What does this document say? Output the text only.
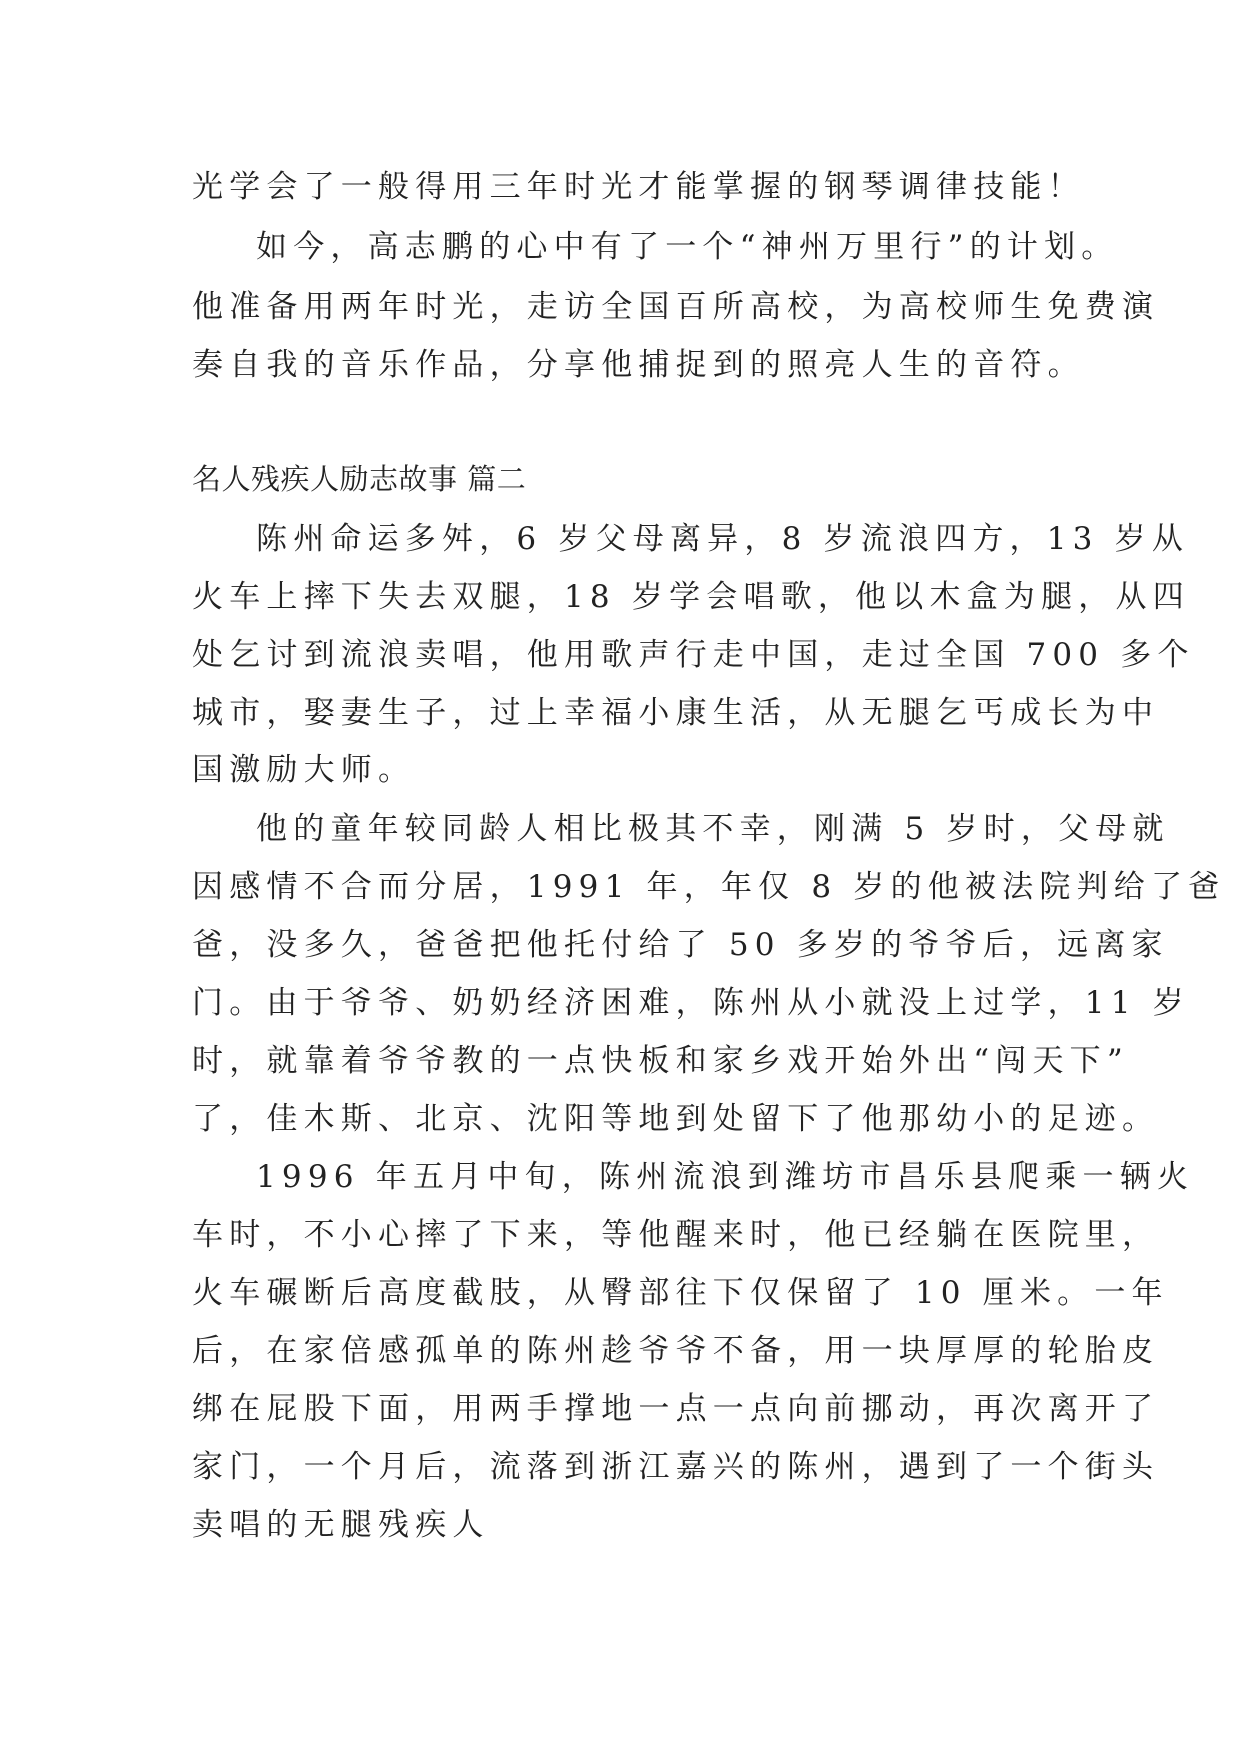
光学会了一般得用三年时光才能掌握的钢琴调律技能！

如今，高志鹏的心中有了一个“神州万里行”的计划。

他准备用两年时光，走访全国百所高校，为高校师生免费演

奏自我的音乐作品，分享他捕捉到的照亮人生的音符。

名人残疾人励志故事 篇二

陈州命运多舛，6 岁父母离异，8 岁流浪四方，13 岁从

火车上摔下失去双腿，18 岁学会唱歌，他以木盒为腿，从四

处乞讨到流浪卖唱，他用歌声行走中国，走过全国 700 多个

城市，娶妻生子，过上幸福小康生活，从无腿乞丐成长为中

国激励大师。

他的童年较同龄人相比极其不幸，刚满 5 岁时，父母就

因感情不合而分居，1991 年，年仅 8 岁的他被法院判给了爸

爸，没多久，爸爸把他托付给了 50 多岁的爷爷后，远离家

门。由于爷爷、奶奶经济困难，陈州从小就没上过学，11 岁

时，就靠着爷爷教的一点快板和家乡戏开始外出“闯天下”

了，佳木斯、北京、沈阳等地到处留下了他那幼小的足迹。

1996 年五月中旬，陈州流浪到潍坊市昌乐县爬乘一辆火

车时，不小心摔了下来，等他醒来时，他已经躺在医院里，

火车碾断后高度截肢，从臀部往下仅保留了 10 厘米。一年

后，在家倍感孤单的陈州趁爷爷不备，用一块厚厚的轮胎皮

绑在屁股下面，用两手撑地一点一点向前挪动，再次离开了

家门，一个月后，流落到浙江嘉兴的陈州，遇到了一个街头

卖唱的无腿残疾人
